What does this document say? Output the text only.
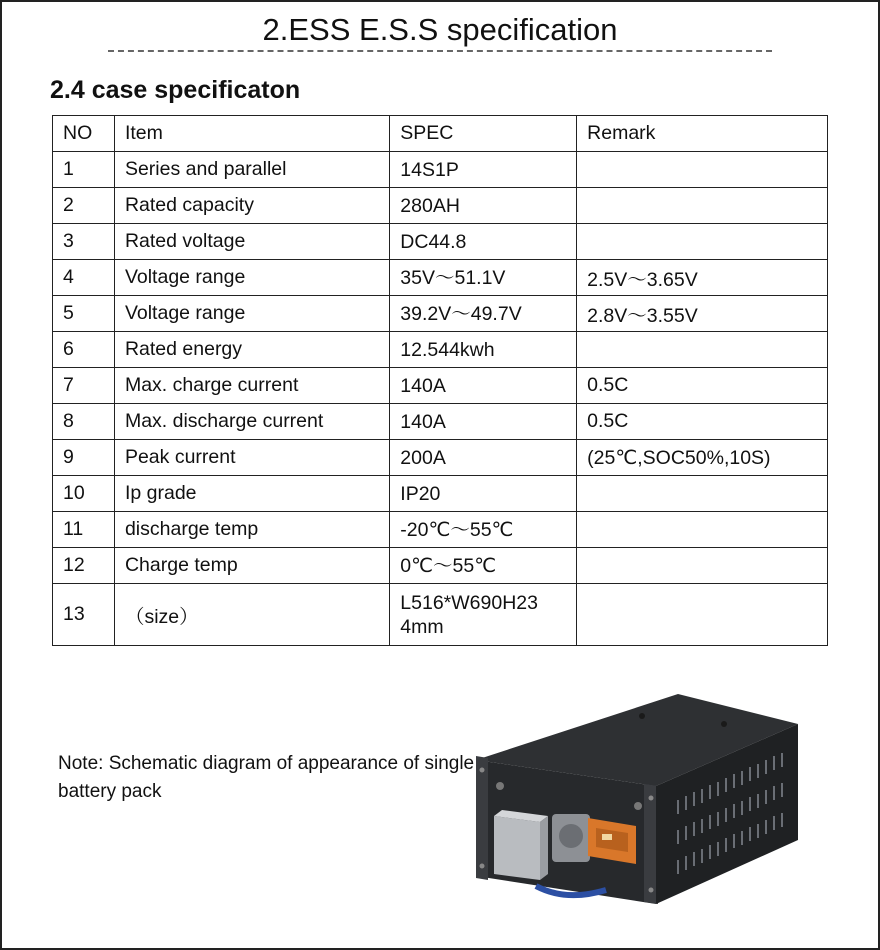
2.ESS E.S.S specification
2.4 case specificaton
NO	Item	SPEC	Remark
1	Series and parallel	14S1P	
2	Rated capacity	280AH	
3	Rated voltage	DC44.8	
4	Voltage range	35V～51.1V	2.5V～3.65V
5	Voltage range	39.2V～49.7V	2.8V～3.55V
6	Rated energy	12.544kwh	
7	Max. charge current	140A	0.5C
8	Max. discharge current	140A	0.5C
9	Peak current	200A	(25℃,SOC50%,10S)
10	Ip grade	IP20	
11	discharge temp	-20℃～55℃	
12	Charge temp	0℃～55℃	
13	（size）	L516*W690H23
4mm	
Note: Schematic diagram of appearance of single battery pack
